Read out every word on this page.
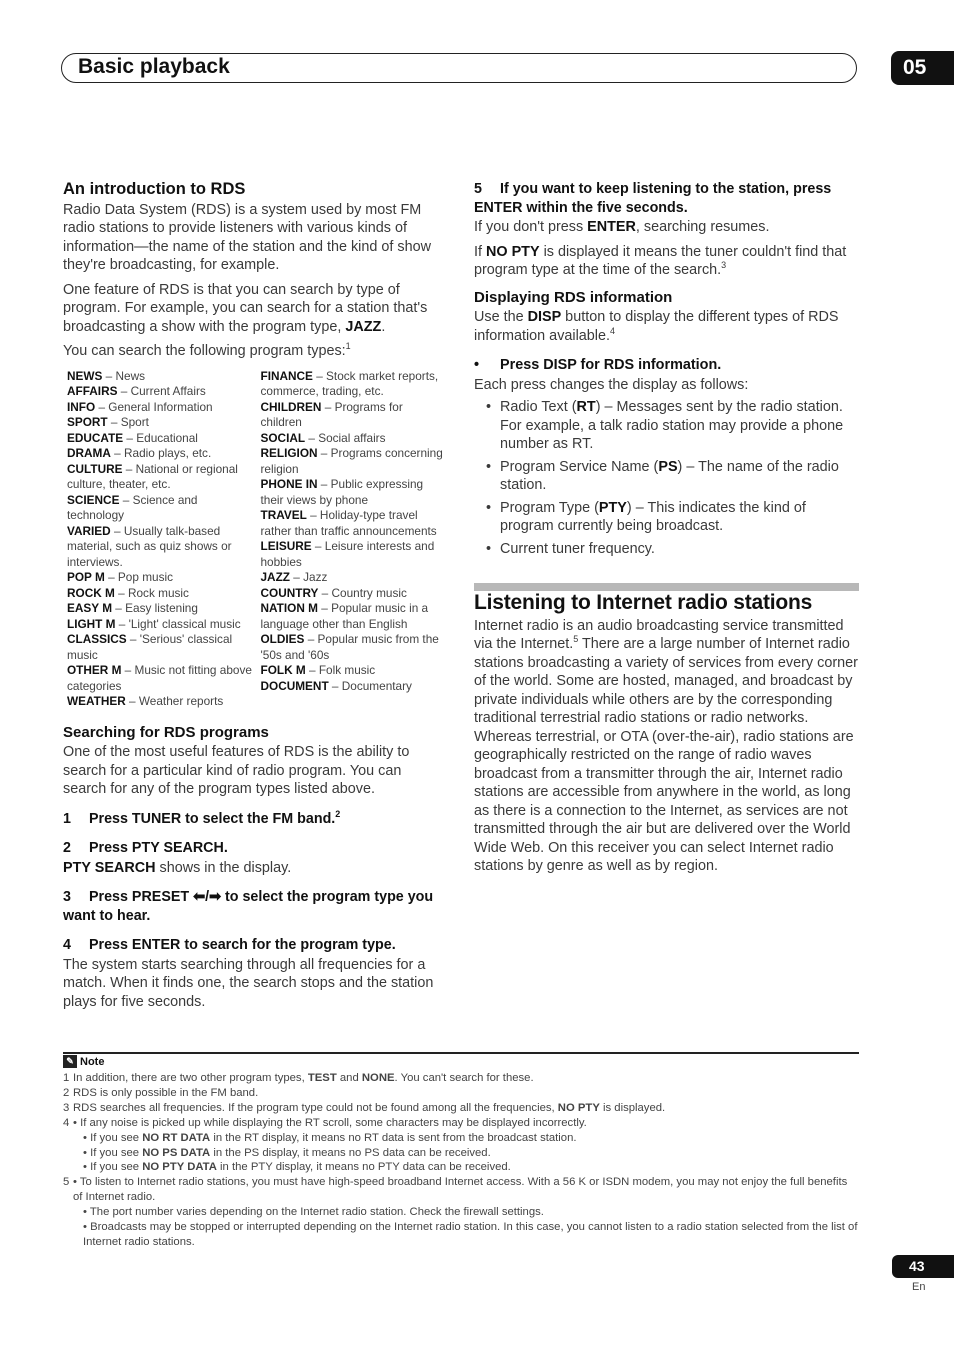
Basic playback	05
An introduction to RDS

Radio Data System (RDS) is a system used by most FM radio stations to provide listeners with various kinds of information—the name of the station and the kind of show they're broadcasting, for example.

One feature of RDS is that you can search by type of program. For example, you can search for a station that's broadcasting a show with the program type, JAZZ.

You can search the following program types:$^1$

NEWS – News
AFFAIRS – Current Affairs
INFO – General Information
SPORT – Sport
EDUCATE – Educational
DRAMA – Radio plays, etc.
CULTURE – National or regional culture, theater, etc.
SCIENCE – Science and technology
VARIED – Usually talk-based material, such as quiz shows or interviews.
POP M – Pop music
ROCK M – Rock music
EASY M – Easy listening
LIGHT M – 'Light' classical music
CLASSICS – 'Serious' classical music
OTHER M – Music not fitting above categories
WEATHER – Weather reports
FINANCE – Stock market reports, commerce, trading, etc.
CHILDREN – Programs for children
SOCIAL – Social affairs
RELIGION – Programs concerning religion
PHONE IN – Public expressing their views by phone
TRAVEL – Holiday-type travel rather than traffic announcements
LEISURE – Leisure interests and hobbies
JAZZ – Jazz
COUNTRY – Country music
NATION M – Popular music in a language other than English
OLDIES – Popular music from the '50s and '60s
FOLK M – Folk music
DOCUMENT – Documentary
Searching for RDS programs

One of the most useful features of RDS is the ability to search for a particular kind of radio program. You can search for any of the program types listed above.

1 Press TUNER to select the FM band.$^2$
2 Press PTY SEARCH.

PTY SEARCH shows in the display.

3 Press PRESET ⬅/➡ to select the program type you want to hear.
4 Press ENTER to search for the program type.

The system starts searching through all frequencies for a match. When it finds one, the search stops and the station plays for five seconds.

5 If you want to keep listening to the station, press ENTER within the five seconds.

If you don't press ENTER, searching resumes.

If NO PTY is displayed it means the tuner couldn't find that program type at the time of the search.$^3$

Displaying RDS information

Use the DISP button to display the different types of RDS information available.$^4$

• Press DISP for RDS information.

Each press changes the display as follows:

• Radio Text (RT) – Messages sent by the radio station. For example, a talk radio station may provide a phone number as RT.
• Program Service Name (PS) – The name of the radio station.
• Program Type (PTY) – This indicates the kind of program currently being broadcast.
• Current tuner frequency.
Listening to Internet radio stations

Internet radio is an audio broadcasting service transmitted via the Internet.$^5$ There are a large number of Internet radio stations broadcasting a variety of services from every corner of the world. Some are hosted, managed, and broadcast by private individuals while others are by the corresponding traditional terrestrial radio stations or radio networks. Whereas terrestrial, or OTA (over-the-air), radio stations are geographically restricted on the range of radio waves broadcast from a transmitter through the air, Internet radio stations are accessible from anywhere in the world, as long as there is a connection to the Internet, as services are not transmitted through the air but are delivered over the World Wide Web. On this receiver you can select Internet radio stations by genre as well as by region.

✎ Note
1 In addition, there are two other program types, TEST and NONE. You can't search for these.
2 RDS is only possible in the FM band.
3 RDS searches all frequencies. If the program type could not be found among all the frequencies, NO PTY is displayed.
4 • If any noise is picked up while displaying the RT scroll, some characters may be displayed incorrectly.
• If you see NO RT DATA in the RT display, it means no RT data is sent from the broadcast station.
• If you see NO PS DATA in the PS display, it means no PS data can be received.
• If you see NO PTY DATA in the PTY display, it means no PTY data can be received.
5 • To listen to Internet radio stations, you must have high-speed broadband Internet access. With a 56 K or ISDN modem, you may not enjoy the full benefits of Internet radio.
• The port number varies depending on the Internet radio station. Check the firewall settings.
• Broadcasts may be stopped or interrupted depending on the Internet radio station. In this case, you cannot listen to a radio station selected from the list of Internet radio stations.
43
En
